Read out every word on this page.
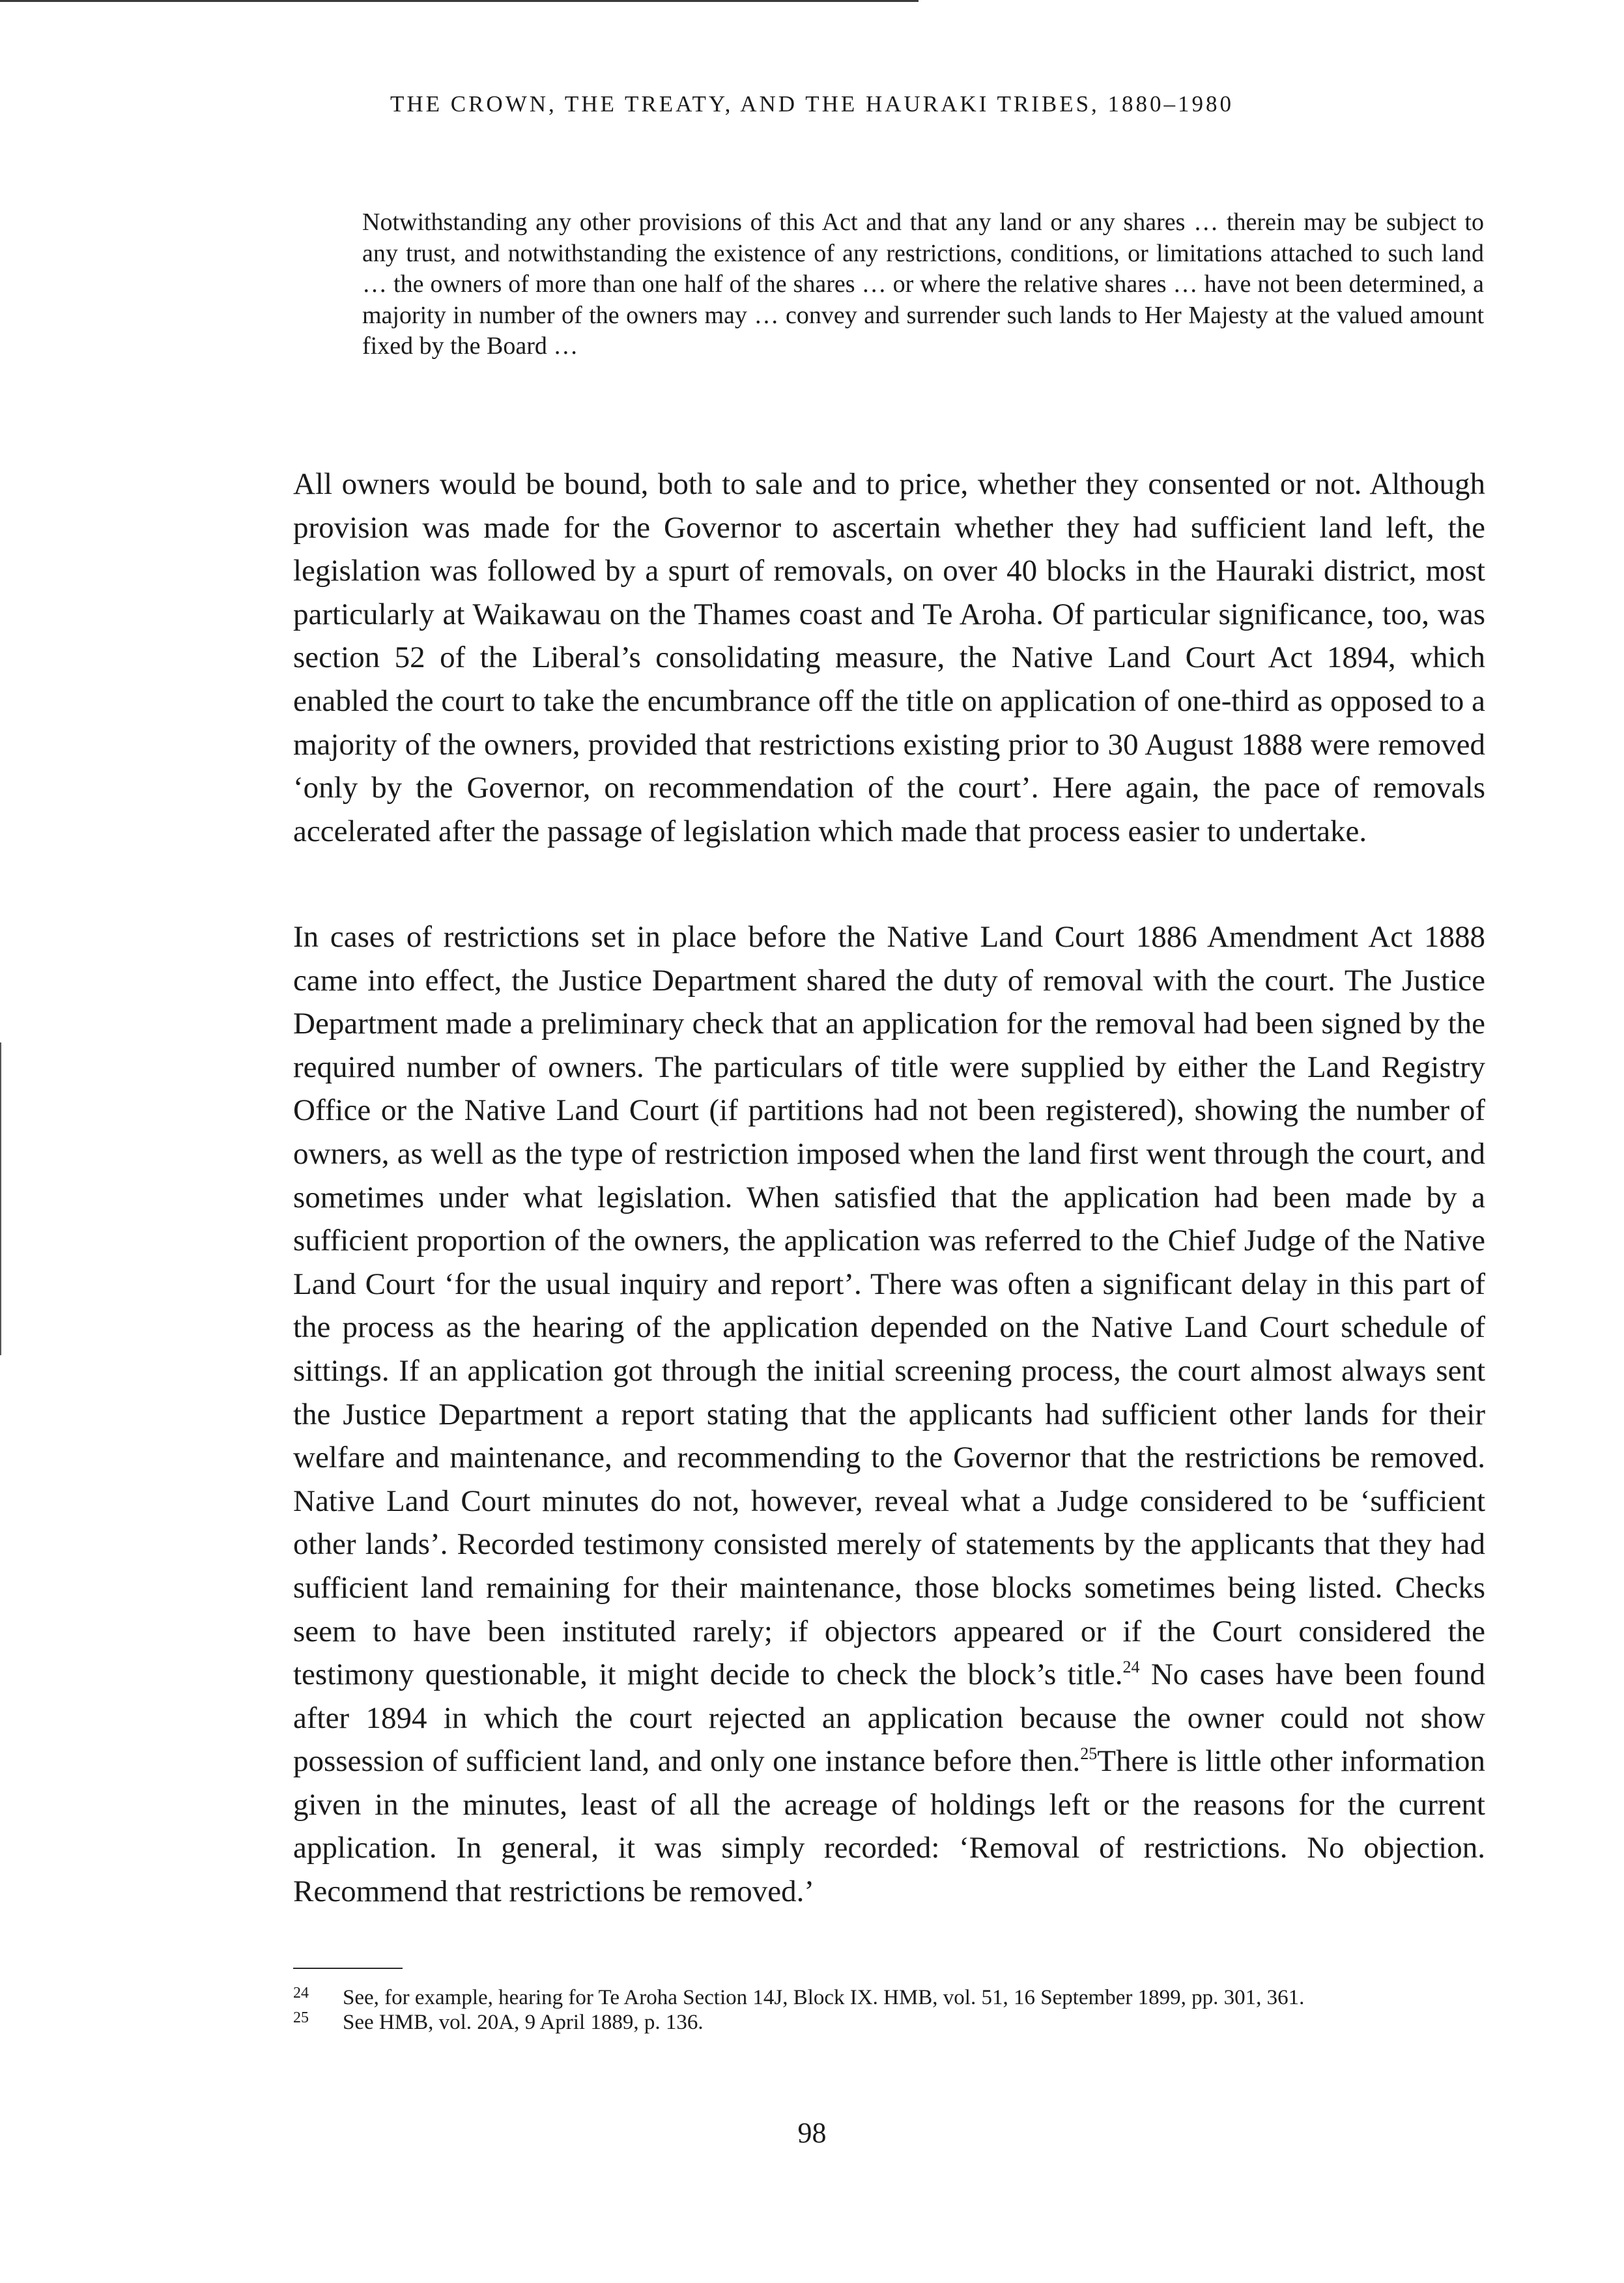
THE CROWN, THE TREATY, AND THE HAURAKI TRIBES, 1880–1980
Notwithstanding any other provisions of this Act and that any land or any shares … therein may be subject to any trust, and notwithstanding the existence of any restrictions, conditions, or limitations attached to such land … the owners of more than one half of the shares … or where the relative shares … have not been determined, a majority in number of the owners may … convey and surrender such lands to Her Majesty at the valued amount fixed by the Board …

All owners would be bound, both to sale and to price, whether they consented or not. Although provision was made for the Governor to ascertain whether they had sufficient land left, the legislation was followed by a spurt of removals, on over 40 blocks in the Hauraki district, most particularly at Waikawau on the Thames coast and Te Aroha. Of particular significance, too, was section 52 of the Liberal’s consolidating measure, the Native Land Court Act 1894, which enabled the court to take the encumbrance off the title on application of one-third as opposed to a majority of the owners, provided that restrictions existing prior to 30 August 1888 were removed ‘only by the Governor, on recommendation of the court’. Here again, the pace of removals accelerated after the passage of legislation which made that process easier to undertake.

In cases of restrictions set in place before the Native Land Court 1886 Amendment Act 1888 came into effect, the Justice Department shared the duty of removal with the court. The Justice Department made a preliminary check that an application for the removal had been signed by the required number of owners. The particulars of title were supplied by either the Land Registry Office or the Native Land Court (if partitions had not been registered), showing the number of owners, as well as the type of restriction imposed when the land first went through the court, and sometimes under what legislation. When satisfied that the application had been made by a sufficient proportion of the owners, the application was referred to the Chief Judge of the Native Land Court ‘for the usual inquiry and report’. There was often a significant delay in this part of the process as the hearing of the application depended on the Native Land Court schedule of sittings. If an application got through the initial screening process, the court almost always sent the Justice Department a report stating that the applicants had sufficient other lands for their welfare and maintenance, and recommending to the Governor that the restrictions be removed. Native Land Court minutes do not, however, reveal what a Judge considered to be ‘sufficient other lands’. Recorded testimony consisted merely of statements by the applicants that they had sufficient land remaining for their maintenance, those blocks sometimes being listed. Checks seem to have been instituted rarely; if objectors appeared or if the Court considered the testimony questionable, it might decide to check the block’s title.$^{24}$ No cases have been found after 1894 in which the court rejected an application because the owner could not show possession of sufficient land, and only one instance before then.$^{25}$There is little other information given in the minutes, least of all the acreage of holdings left or the reasons for the current application. In general, it was simply recorded: ‘Removal of restrictions. No objection. Recommend that restrictions be removed.’

24 See, for example, hearing for Te Aroha Section 14J, Block IX. HMB, vol. 51, 16 September 1899, pp. 301, 361.
25 See HMB, vol. 20A, 9 April 1889, p. 136.
98
